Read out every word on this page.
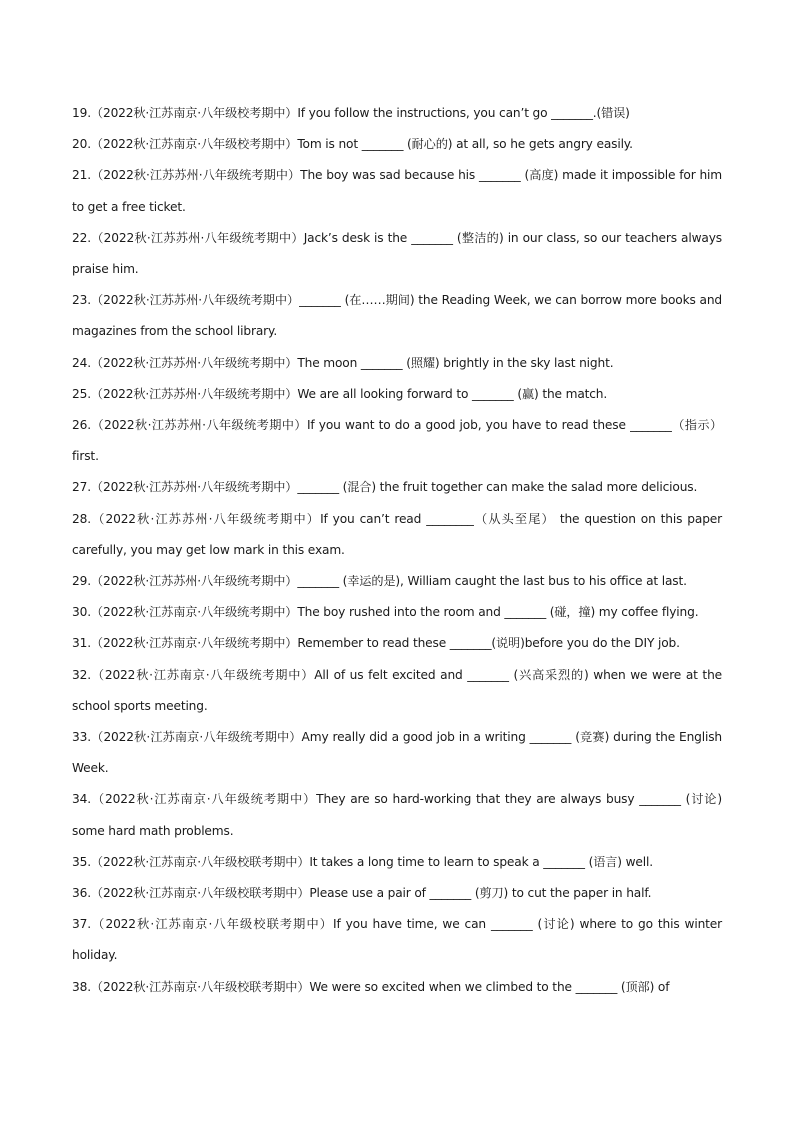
19.（2022秋·江苏南京·八年级校考期中）If you follow the instructions, you can’t go _______.(错误)

20.（2022秋·江苏南京·八年级校考期中）Tom is not _______ (耐心的) at all, so he gets angry easily.

21.（2022秋·江苏苏州·八年级统考期中）The boy was sad because his _______ (高度) made it impossible for him to get a free ticket.

22.（2022秋·江苏苏州·八年级统考期中）Jack’s desk is the _______ (整洁的) in our class, so our teachers always praise him.

23.（2022秋·江苏苏州·八年级统考期中）_______ (在……期间) the Reading Week, we can borrow more books and magazines from the school library.

24.（2022秋·江苏苏州·八年级统考期中）The moon _______ (照耀) brightly in the sky last night.

25.（2022秋·江苏苏州·八年级统考期中）We are all looking forward to _______ (赢) the match.

26.（2022秋·江苏苏州·八年级统考期中）If you want to do a good job, you have to read these _______（指示） first.

27.（2022秋·江苏苏州·八年级统考期中）_______ (混合) the fruit together can make the salad more delicious.

28.（2022秋·江苏苏州·八年级统考期中）If you can’t read ________（从头至尾） the question on this paper carefully, you may get low mark in this exam.

29.（2022秋·江苏苏州·八年级统考期中）_______ (幸运的是), William caught the last bus to his office at last.

30.（2022秋·江苏南京·八年级统考期中）The boy rushed into the room and _______ (碰，撞) my coffee flying.

31.（2022秋·江苏南京·八年级统考期中）Remember to read these _______(说明)before you do the DIY job.

32.（2022秋·江苏南京·八年级统考期中）All of us felt excited and _______ (兴高采烈的) when we were at the school sports meeting.

33.（2022秋·江苏南京·八年级统考期中）Amy really did a good job in a writing _______ (竞赛) during the English Week.

34.（2022秋·江苏南京·八年级统考期中）They are so hard-working that they are always busy _______ (讨论) some hard math problems.

35.（2022秋·江苏南京·八年级校联考期中）It takes a long time to learn to speak a _______ (语言) well.

36.（2022秋·江苏南京·八年级校联考期中）Please use a pair of _______ (剪刀) to cut the paper in half.

37.（2022秋·江苏南京·八年级校联考期中）If you have time, we can _______ (讨论) where to go this winter holiday.

38.（2022秋·江苏南京·八年级校联考期中）We were so excited when we climbed to the _______ (顶部) of
